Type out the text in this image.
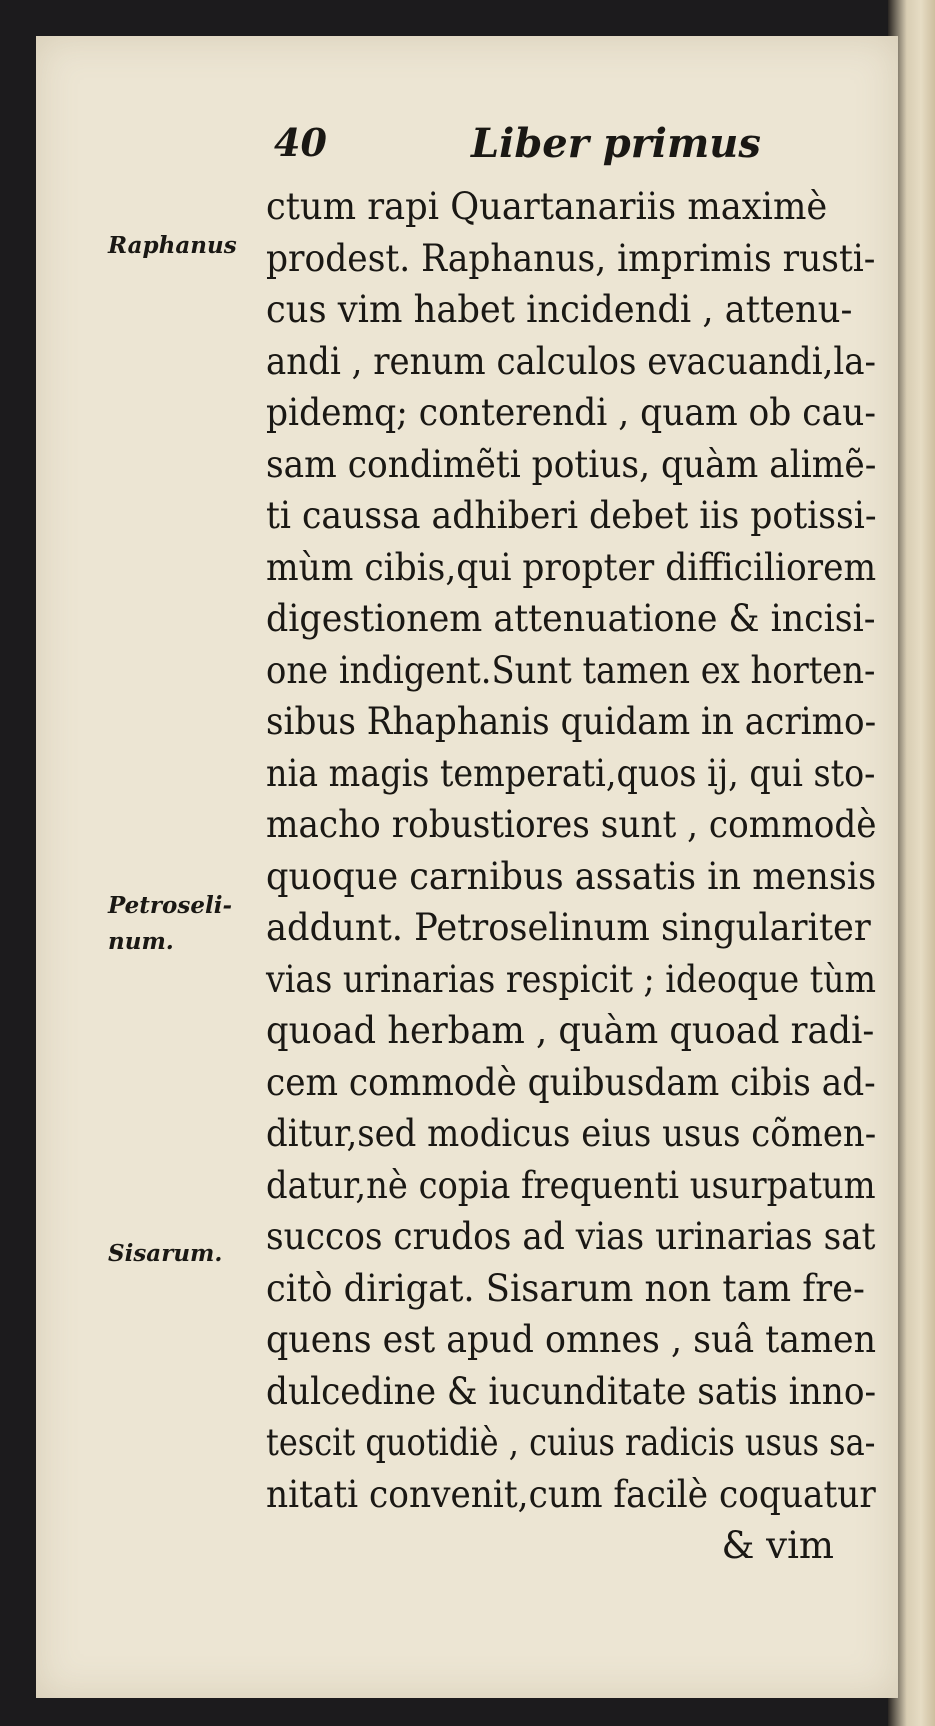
40	Liber primus
Raphanus
Petroseli-
num.
Sisarum.
ctum rapi Quartanariis maximè
prodest. Raphanus, imprimis rusti-
cus vim habet incidendi , attenu-
andi , renum calculos evacuandi,la-
pidemq; conterendi , quam ob cau-
sam condimẽti potius, quàm alimẽ-
ti caussa adhiberi debet iis potissi-
mùm cibis,qui propter difficiliorem
digestionem attenuatione & incisi-
one indigent.Sunt tamen ex horten-
sibus Rhaphanis quidam in acrimo-
nia magis temperati,quos ij, qui sto-
macho robustiores sunt , commodè
quoque carnibus assatis in mensis
addunt. Petroselinum singulariter
vias urinarias respicit ; ideoque tùm
quoad herbam , quàm quoad radi-
cem commodè quibusdam cibis ad-
ditur,sed modicus eius usus cõmen-
datur,nè copia frequenti usurpatum
succos crudos ad vias urinarias sat
citò dirigat. Sisarum non tam fre-
quens est apud omnes , suâ tamen
dulcedine & iucunditate satis inno-
tescit quotidiè , cuius radicis usus sa-
nitati convenit,cum facilè coquatur
& vim
